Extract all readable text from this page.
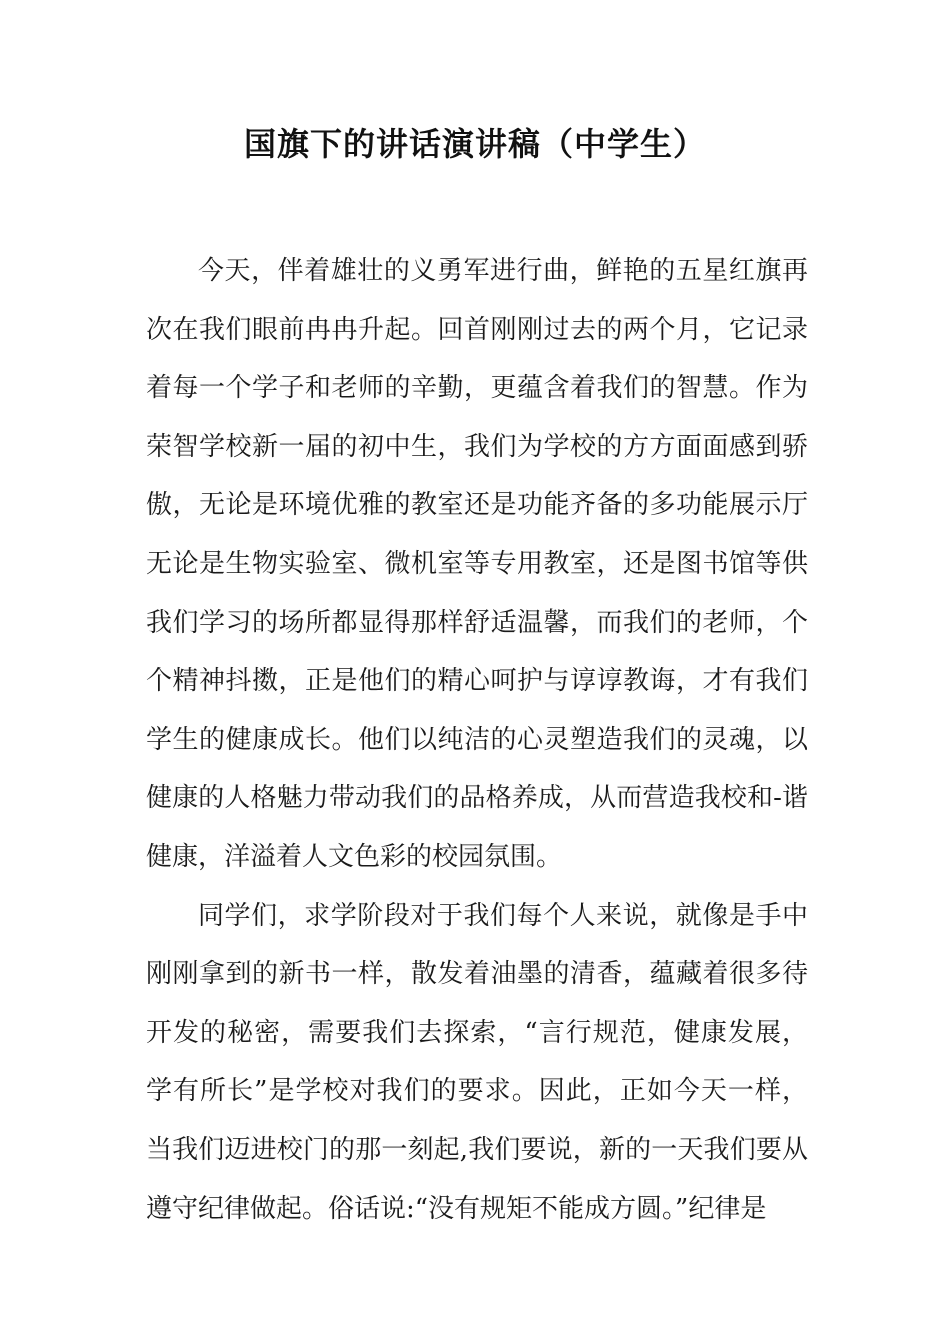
国旗下的讲话演讲稿（中学生）

今天，伴着雄壮的义勇军进行曲，鲜艳的五星红旗再次在我们眼前冉冉升起。回首刚刚过去的两个月，它记录着每一个学子和老师的辛勤，更蕴含着我们的智慧。作为荣智学校新一届的初中生，我们为学校的方方面面感到骄傲，无论是环境优雅的教室还是功能齐备的多功能展示厅无论是生物实验室、微机室等专用教室，还是图书馆等供我们学习的场所都显得那样舒适温馨，而我们的老师，个个精神抖擞，正是他们的精心呵护与谆谆教诲，才有我们学生的健康成长。他们以纯洁的心灵塑造我们的灵魂，以健康的人格魅力带动我们的品格养成，从而营造我校和-谐健康，洋溢着人文色彩的校园氛围。

同学们，求学阶段对于我们每个人来说，就像是手中刚刚拿到的新书一样，散发着油墨的清香，蕴藏着很多待开发的秘密，需要我们去探索，“言行规范，健康发展，学有所长”是学校对我们的要求。因此，正如今天一样，当我们迈进校门的那一刻起,我们要说，新的一天我们要从遵守纪律做起。俗话说:“没有规矩不能成方圆。”纪律是
